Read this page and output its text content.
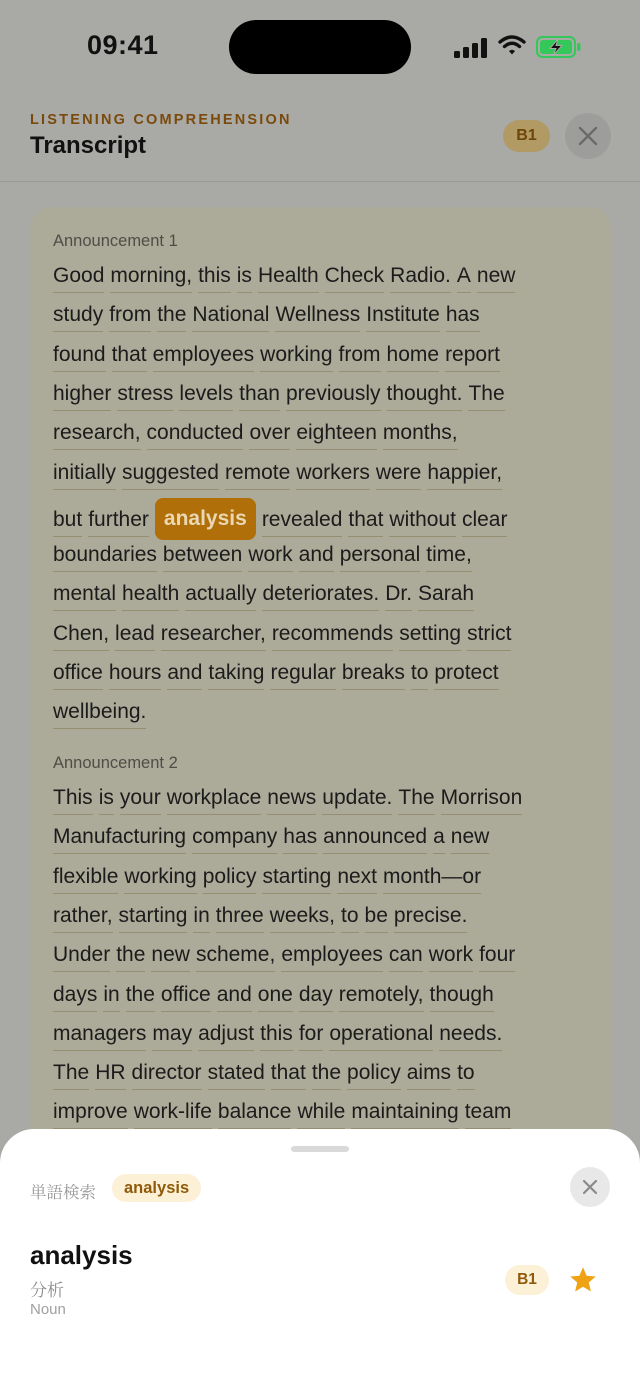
09:41
LISTENING COMPREHENSION
Transcript	B1
Announcement 1
Good morning, this is Health Check Radio. A new
study from the National Wellness Institute has
found that employees working from home report
higher stress levels than previously thought. The
research, conducted over eighteen months,
initially suggested remote workers were happier,
but further analysis revealed that without clear
boundaries between work and personal time,
mental health actually deteriorates. Dr. Sarah
Chen, lead researcher, recommends setting strict
office hours and taking regular breaks to protect
wellbeing.
Announcement 2
This is your workplace news update. The Morrison
Manufacturing company has announced a new
flexible working policy starting next month—or
rather, starting in three weeks, to be precise.
Under the new scheme, employees can work four
days in the office and one day remotely, though
managers may adjust this for operational needs.
The HR director stated that the policy aims to
improve work-life balance while maintaining team
単語検索	analysis
analysis
分析
Noun
B1
